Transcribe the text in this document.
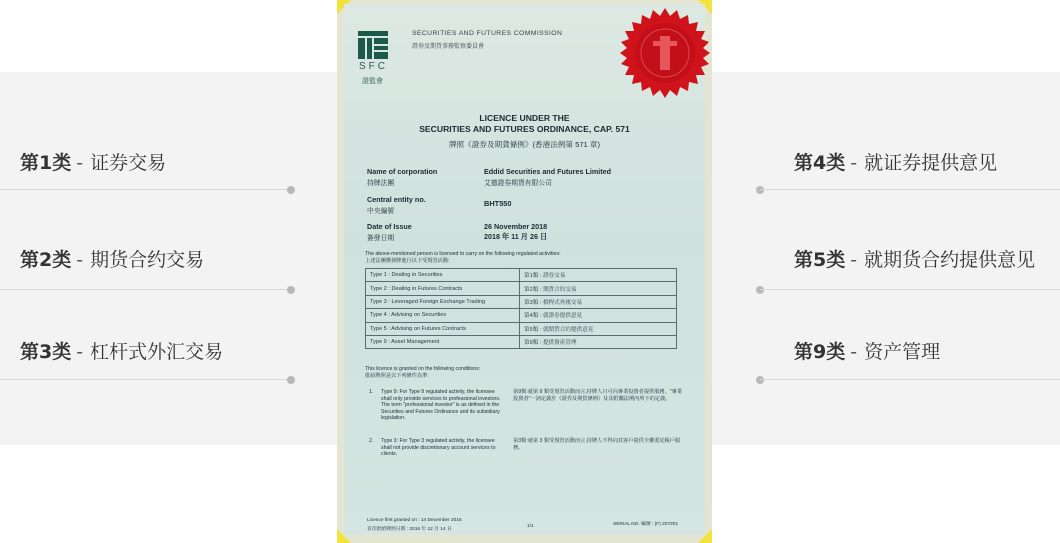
第1类 - 证券交易
第2类 - 期货合约交易
第3类 - 杠杆式外汇交易
第4类 - 就证券提供意见
第5类 - 就期货合约提供意见
第9类 - 资产管理
SFC
證監會
SECURITIES AND FUTURES COMMISSION
證券及期貨事務監察委員會
LICENCE UNDER THE
SECURITIES AND FUTURES ORDINANCE, CAP. 571
牌照《證券及期貨條例》(香港法例第 571 章)
Name of corporation
持牌法團
Eddid Securities and Futures Limited
艾德證券期貨有限公司
Central entity no.
中央編號
BHT550
Date of Issue
簽發日期
26 November 2018
2018 年 11 月 26 日
The above-mentioned person is licensed to carry on the following regulated activities:
上述法團獲發牌進行以下受規管活動:
Type 1 : Dealing in Securities	第1類 : 證券交易
Type 2 : Dealing in Futures Contracts	第2類 : 期貨合約交易
Type 3 : Leveraged Foreign Exchange Trading	第3類 : 槓桿式外匯交易
Type 4 : Advising on Securities	第4類 : 就證券提供意見
Type 5 : Advising on Futures Contracts	第5類 : 就期貨合約提供意見
Type 9 : Asset Management	第9類 : 提供資產管理
This licence is granted on the following conditions:
批給牌照是以下列條件為準:
1. Type 9: For Type 9 regulated activity, the licensee shall only provide services to professional investors. The term "professional investor" is as defined in the Securities and Futures Ordinance and its subsidiary legislation.
第9類:就第 9 類受規管活動而言,持牌人只可向專業投資者提供服務。"專業投資者"一詞定義於《證券及期貨條例》及其附屬法例內所下的定義。
2. Type 3: For Type 3 regulated activity, the licensee shall not provide discretionary account services to clients.
第3類:就第 3 類受規管活動而言,持牌人不得向其客戶提供全權委託帳戶服務。
Licence first granted on : 14 December 2016
首次批給牌照日期 : 2016 年 12 月 14 日
1/1	SERIAL NO. 編號 : (F) 207201
